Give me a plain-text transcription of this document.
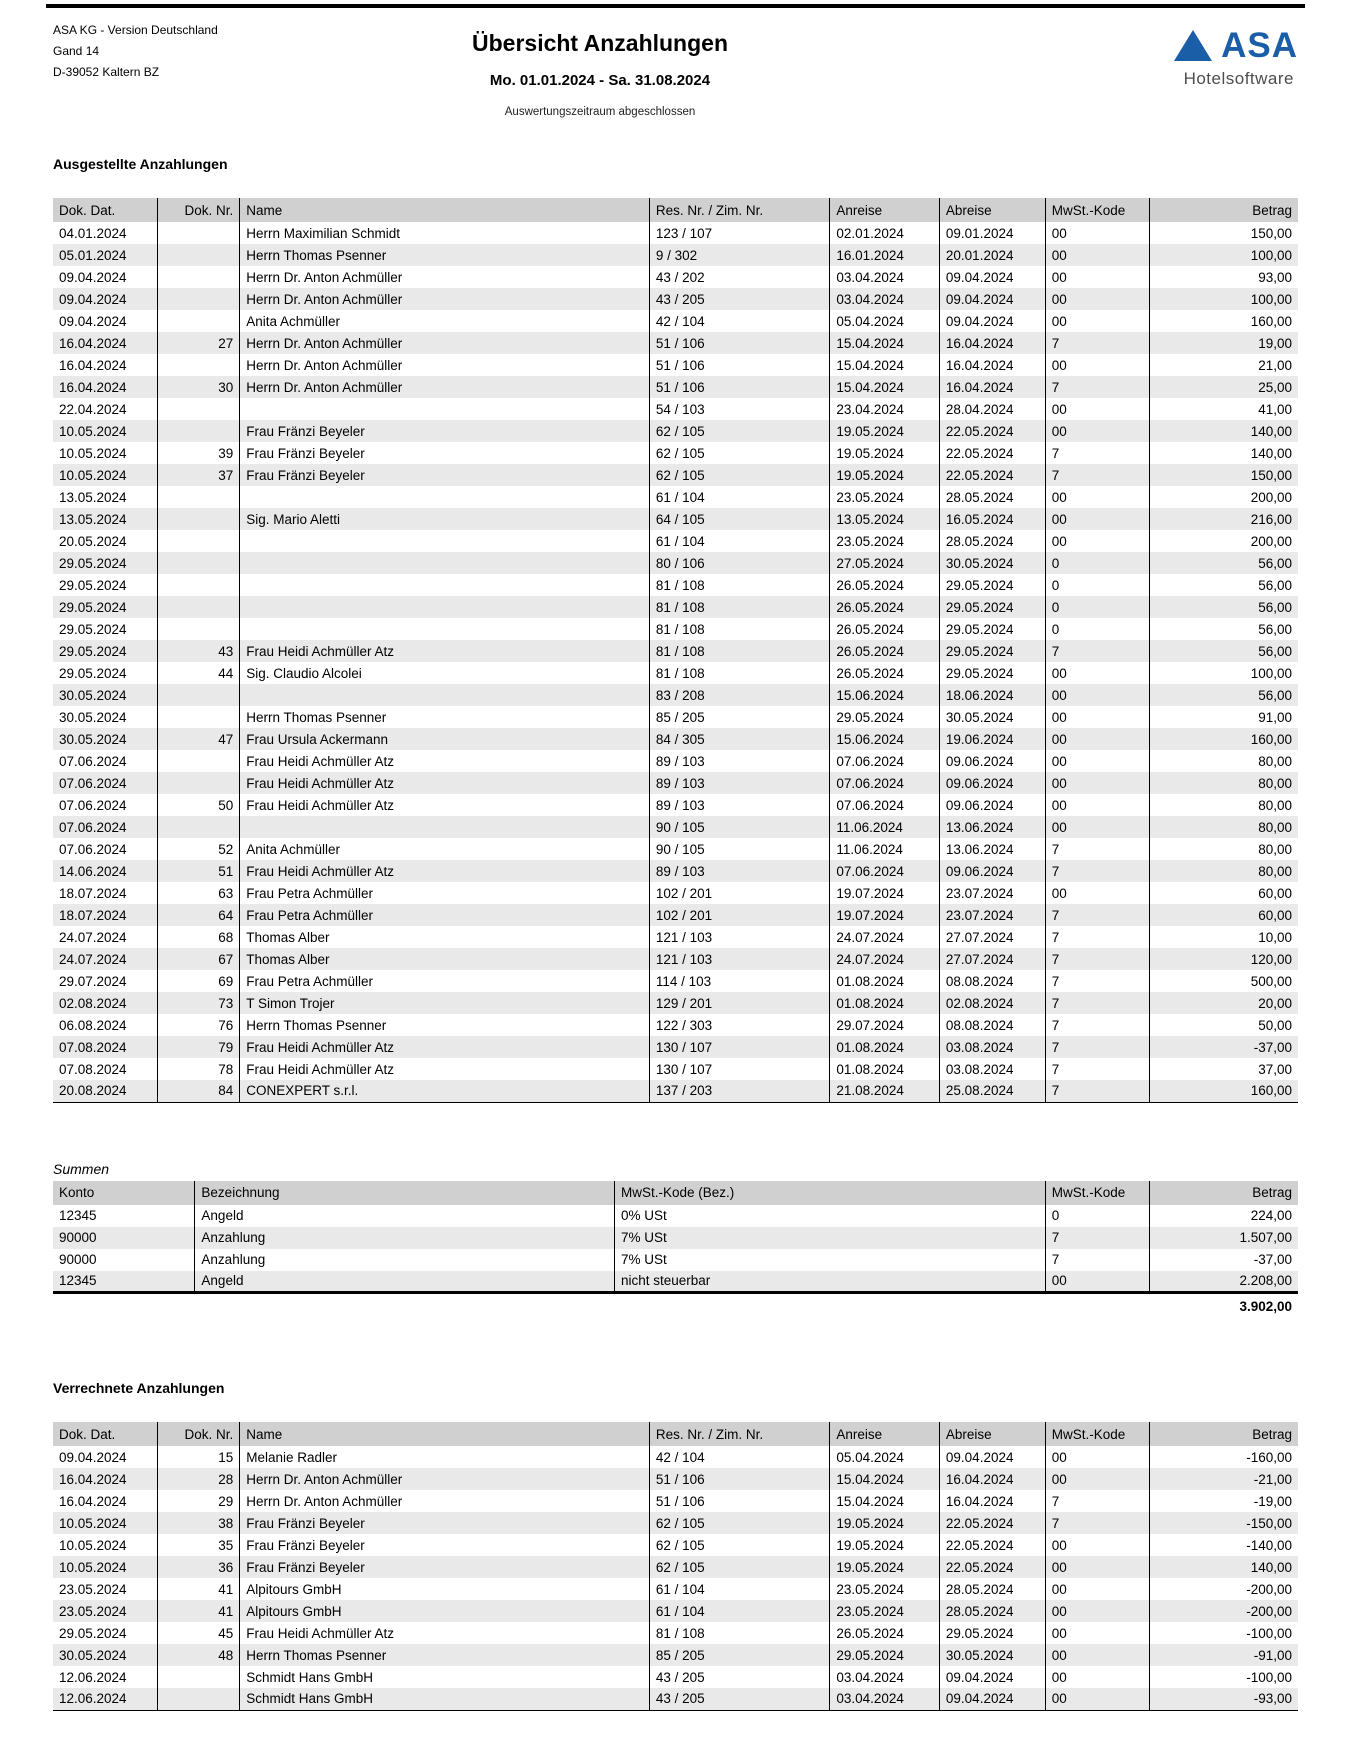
ASA KG - Version Deutschland
Gand 14
D-39052 Kaltern BZ
Übersicht Anzahlungen
Mo. 01.01.2024 - Sa. 31.08.2024
Auswertungszeitraum abgeschlossen
ASA
Hotelsoftware
Ausgestellte Anzahlungen
Dok. Dat.	Dok. Nr.	Name	Res. Nr. / Zim. Nr.	Anreise	Abreise	MwSt.-Kode	Betrag
04.01.2024		Herrn Maximilian Schmidt	123 / 107	02.01.2024	09.01.2024	00	150,00
05.01.2024		Herrn Thomas Psenner	9 / 302	16.01.2024	20.01.2024	00	100,00
09.04.2024		Herrn Dr. Anton Achmüller	43 / 202	03.04.2024	09.04.2024	00	93,00
09.04.2024		Herrn Dr. Anton Achmüller	43 / 205	03.04.2024	09.04.2024	00	100,00
09.04.2024		Anita Achmüller	42 / 104	05.04.2024	09.04.2024	00	160,00
16.04.2024	27	Herrn Dr. Anton Achmüller	51 / 106	15.04.2024	16.04.2024	7	19,00
16.04.2024		Herrn Dr. Anton Achmüller	51 / 106	15.04.2024	16.04.2024	00	21,00
16.04.2024	30	Herrn Dr. Anton Achmüller	51 / 106	15.04.2024	16.04.2024	7	25,00
22.04.2024			54 / 103	23.04.2024	28.04.2024	00	41,00
10.05.2024		Frau Fränzi Beyeler	62 / 105	19.05.2024	22.05.2024	00	140,00
10.05.2024	39	Frau Fränzi Beyeler	62 / 105	19.05.2024	22.05.2024	7	140,00
10.05.2024	37	Frau Fränzi Beyeler	62 / 105	19.05.2024	22.05.2024	7	150,00
13.05.2024			61 / 104	23.05.2024	28.05.2024	00	200,00
13.05.2024		Sig. Mario Aletti	64 / 105	13.05.2024	16.05.2024	00	216,00
20.05.2024			61 / 104	23.05.2024	28.05.2024	00	200,00
29.05.2024			80 / 106	27.05.2024	30.05.2024	0	56,00
29.05.2024			81 / 108	26.05.2024	29.05.2024	0	56,00
29.05.2024			81 / 108	26.05.2024	29.05.2024	0	56,00
29.05.2024			81 / 108	26.05.2024	29.05.2024	0	56,00
29.05.2024	43	Frau Heidi Achmüller Atz	81 / 108	26.05.2024	29.05.2024	7	56,00
29.05.2024	44	Sig. Claudio Alcolei	81 / 108	26.05.2024	29.05.2024	00	100,00
30.05.2024			83 / 208	15.06.2024	18.06.2024	00	56,00
30.05.2024		Herrn Thomas Psenner	85 / 205	29.05.2024	30.05.2024	00	91,00
30.05.2024	47	Frau Ursula Ackermann	84 / 305	15.06.2024	19.06.2024	00	160,00
07.06.2024		Frau Heidi Achmüller Atz	89 / 103	07.06.2024	09.06.2024	00	80,00
07.06.2024		Frau Heidi Achmüller Atz	89 / 103	07.06.2024	09.06.2024	00	80,00
07.06.2024	50	Frau Heidi Achmüller Atz	89 / 103	07.06.2024	09.06.2024	00	80,00
07.06.2024			90 / 105	11.06.2024	13.06.2024	00	80,00
07.06.2024	52	Anita Achmüller	90 / 105	11.06.2024	13.06.2024	7	80,00
14.06.2024	51	Frau Heidi Achmüller Atz	89 / 103	07.06.2024	09.06.2024	7	80,00
18.07.2024	63	Frau Petra Achmüller	102 / 201	19.07.2024	23.07.2024	00	60,00
18.07.2024	64	Frau Petra Achmüller	102 / 201	19.07.2024	23.07.2024	7	60,00
24.07.2024	68	Thomas Alber	121 / 103	24.07.2024	27.07.2024	7	10,00
24.07.2024	67	Thomas Alber	121 / 103	24.07.2024	27.07.2024	7	120,00
29.07.2024	69	Frau Petra Achmüller	114 / 103	01.08.2024	08.08.2024	7	500,00
02.08.2024	73	T Simon Trojer	129 / 201	01.08.2024	02.08.2024	7	20,00
06.08.2024	76	Herrn Thomas Psenner	122 / 303	29.07.2024	08.08.2024	7	50,00
07.08.2024	79	Frau Heidi Achmüller Atz	130 / 107	01.08.2024	03.08.2024	7	-37,00
07.08.2024	78	Frau Heidi Achmüller Atz	130 / 107	01.08.2024	03.08.2024	7	37,00
20.08.2024	84	CONEXPERT s.r.l.	137 / 203	21.08.2024	25.08.2024	7	160,00
Summen
Konto	Bezeichnung	MwSt.-Kode (Bez.)	MwSt.-Kode	Betrag
12345	Angeld	0% USt	0	224,00
90000	Anzahlung	7% USt	7	1.507,00
90000	Anzahlung	7% USt	7	-37,00
12345	Angeld	nicht steuerbar	00	2.208,00
3.902,00
Verrechnete Anzahlungen
Dok. Dat.	Dok. Nr.	Name	Res. Nr. / Zim. Nr.	Anreise	Abreise	MwSt.-Kode	Betrag
09.04.2024	15	Melanie Radler	42 / 104	05.04.2024	09.04.2024	00	-160,00
16.04.2024	28	Herrn Dr. Anton Achmüller	51 / 106	15.04.2024	16.04.2024	00	-21,00
16.04.2024	29	Herrn Dr. Anton Achmüller	51 / 106	15.04.2024	16.04.2024	7	-19,00
10.05.2024	38	Frau Fränzi Beyeler	62 / 105	19.05.2024	22.05.2024	7	-150,00
10.05.2024	35	Frau Fränzi Beyeler	62 / 105	19.05.2024	22.05.2024	00	-140,00
10.05.2024	36	Frau Fränzi Beyeler	62 / 105	19.05.2024	22.05.2024	00	140,00
23.05.2024	41	Alpitours GmbH	61 / 104	23.05.2024	28.05.2024	00	-200,00
23.05.2024	41	Alpitours GmbH	61 / 104	23.05.2024	28.05.2024	00	-200,00
29.05.2024	45	Frau Heidi Achmüller Atz	81 / 108	26.05.2024	29.05.2024	00	-100,00
30.05.2024	48	Herrn Thomas Psenner	85 / 205	29.05.2024	30.05.2024	00	-91,00
12.06.2024		Schmidt Hans GmbH	43 / 205	03.04.2024	09.04.2024	00	-100,00
12.06.2024		Schmidt Hans GmbH	43 / 205	03.04.2024	09.04.2024	00	-93,00
